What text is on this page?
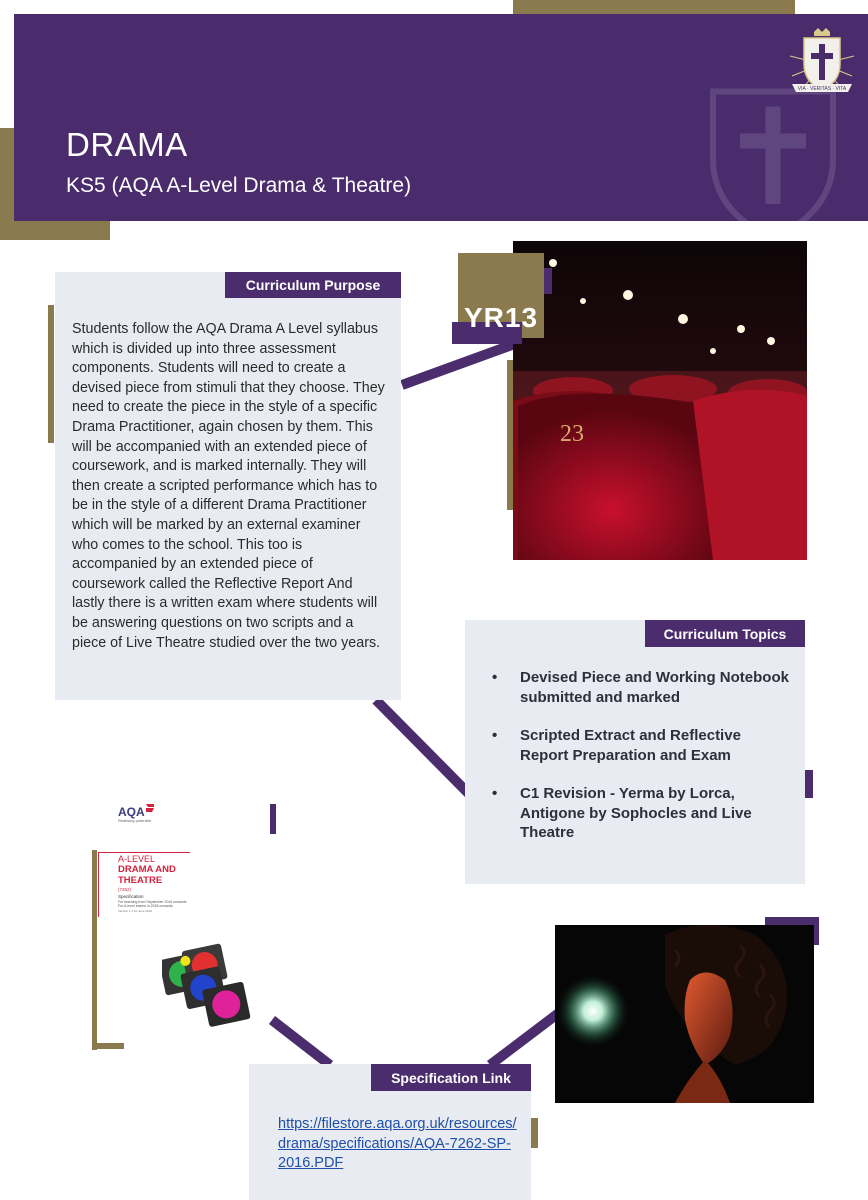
DRAMA
KS5 (AQA A-Level Drama & Theatre)
VIA · VERITAS · VITA
Curriculum Purpose
Students follow the AQA Drama A Level syllabus which is divided up into three assessment components. Students will need to create a devised piece from stimuli that they choose. They need to create the piece in the style of a specific Drama Practitioner, again chosen by them. This will be accompanied with an extended piece of coursework, and is marked internally. They will then create a scripted performance which has to be in the style of a different Drama Practitioner which will be marked by an external examiner who comes to the school. This too is accompanied by an extended piece of coursework called the Reflective Report And lastly there is a written exam where students will be answering questions on two scripts and a piece of Live Theatre studied over the two years.
23
YR13
Curriculum Topics
• Devised Piece and Working Notebook submitted and marked
• Scripted Extract and Reflective Report Preparation and Exam
• C1 Revision - Yerma by Lorca, Antigone by Sophocles and Live Theatre
AQA
Realising potential
A-LEVEL
DRAMA AND
THEATRE
(7262)
Specification
For teaching from September 2016 onwards
For A-level exams in 2018 onwards
Version 1.1 10 June 2016
Specification Link
https://filestore.aqa.org.uk/resources/drama/specifications/AQA-7262-SP-2016.PDF
